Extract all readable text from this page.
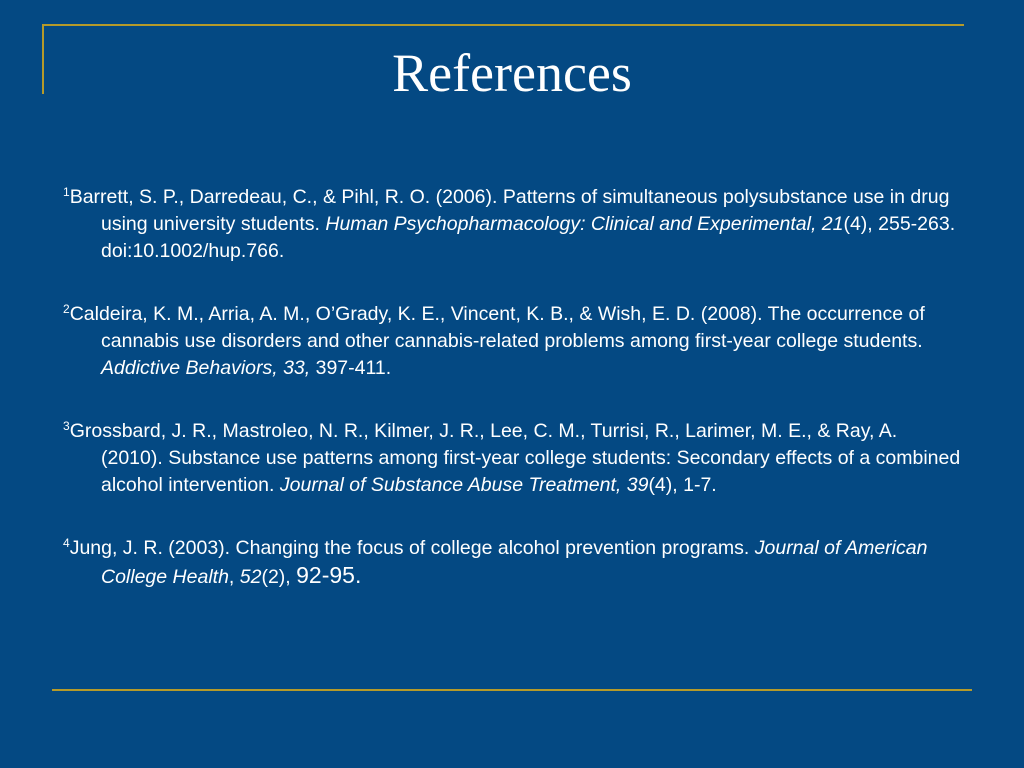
References
$^1$Barrett, S. P., Darredeau, C., & Pihl, R. O. (2006). Patterns of simultaneous polysubstance use in drug using university students. Human Psychopharmacology: Clinical and Experimental, 21(4), 255-263. doi:10.1002/hup.766.
$^2$Caldeira, K. M., Arria, A. M., O’Grady, K. E., Vincent, K. B., & Wish, E. D. (2008). The occurrence of cannabis use disorders and other cannabis-related problems among first-year college students. Addictive Behaviors, 33, 397-411.
$^3$Grossbard, J. R., Mastroleo, N. R., Kilmer, J. R., Lee, C. M., Turrisi, R., Larimer, M. E., & Ray, A. (2010). Substance use patterns among first-year college students: Secondary effects of a combined alcohol intervention. Journal of Substance Abuse Treatment, 39(4), 1-7.
$^4$Jung, J. R. (2003). Changing the focus of college alcohol prevention programs. Journal of American College Health, 52(2), 92-95.
